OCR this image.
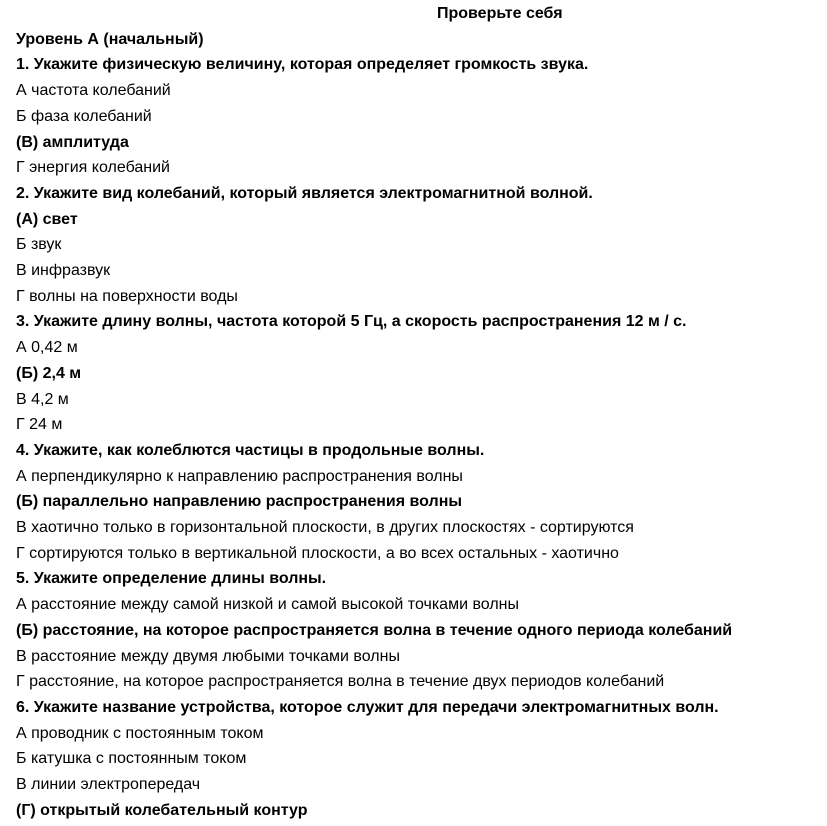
Проверьте себя
Уровень А (начальный)
1. Укажите физическую величину, которая определяет громкость звука.
А частота колебаний
Б фаза колебаний
(В) амплитуда
Г энергия колебаний
2. Укажите вид колебаний, который является электромагнитной волной.
(А) свет
Б звук
В инфразвук
Г волны на поверхности воды
3. Укажите длину волны, частота которой 5 Гц, а скорость распространения 12 м / с.
А 0,42 м
(Б) 2,4 м
В 4,2 м
Г 24 м
4. Укажите, как колеблются частицы в продольные волны.
А перпендикулярно к направлению распространения волны
(Б) параллельно направлению распространения волны
В хаотично только в горизонтальной плоскости, в других плоскостях - сортируются
Г сортируются только в вертикальной плоскости, а во всех остальных - хаотично
5. Укажите определение длины волны.
А расстояние между самой низкой и самой высокой точками волны
(Б) расстояние, на которое распространяется волна в течение одного периода колебаний
В расстояние между двумя любыми точками волны
Г расстояние, на которое распространяется волна в течение двух периодов колебаний
6. Укажите название устройства, которое служит для передачи электромагнитных волн.
А проводник с постоянным током
Б катушка с постоянным током
В линии электропередач
(Г) открытый колебательный контур
